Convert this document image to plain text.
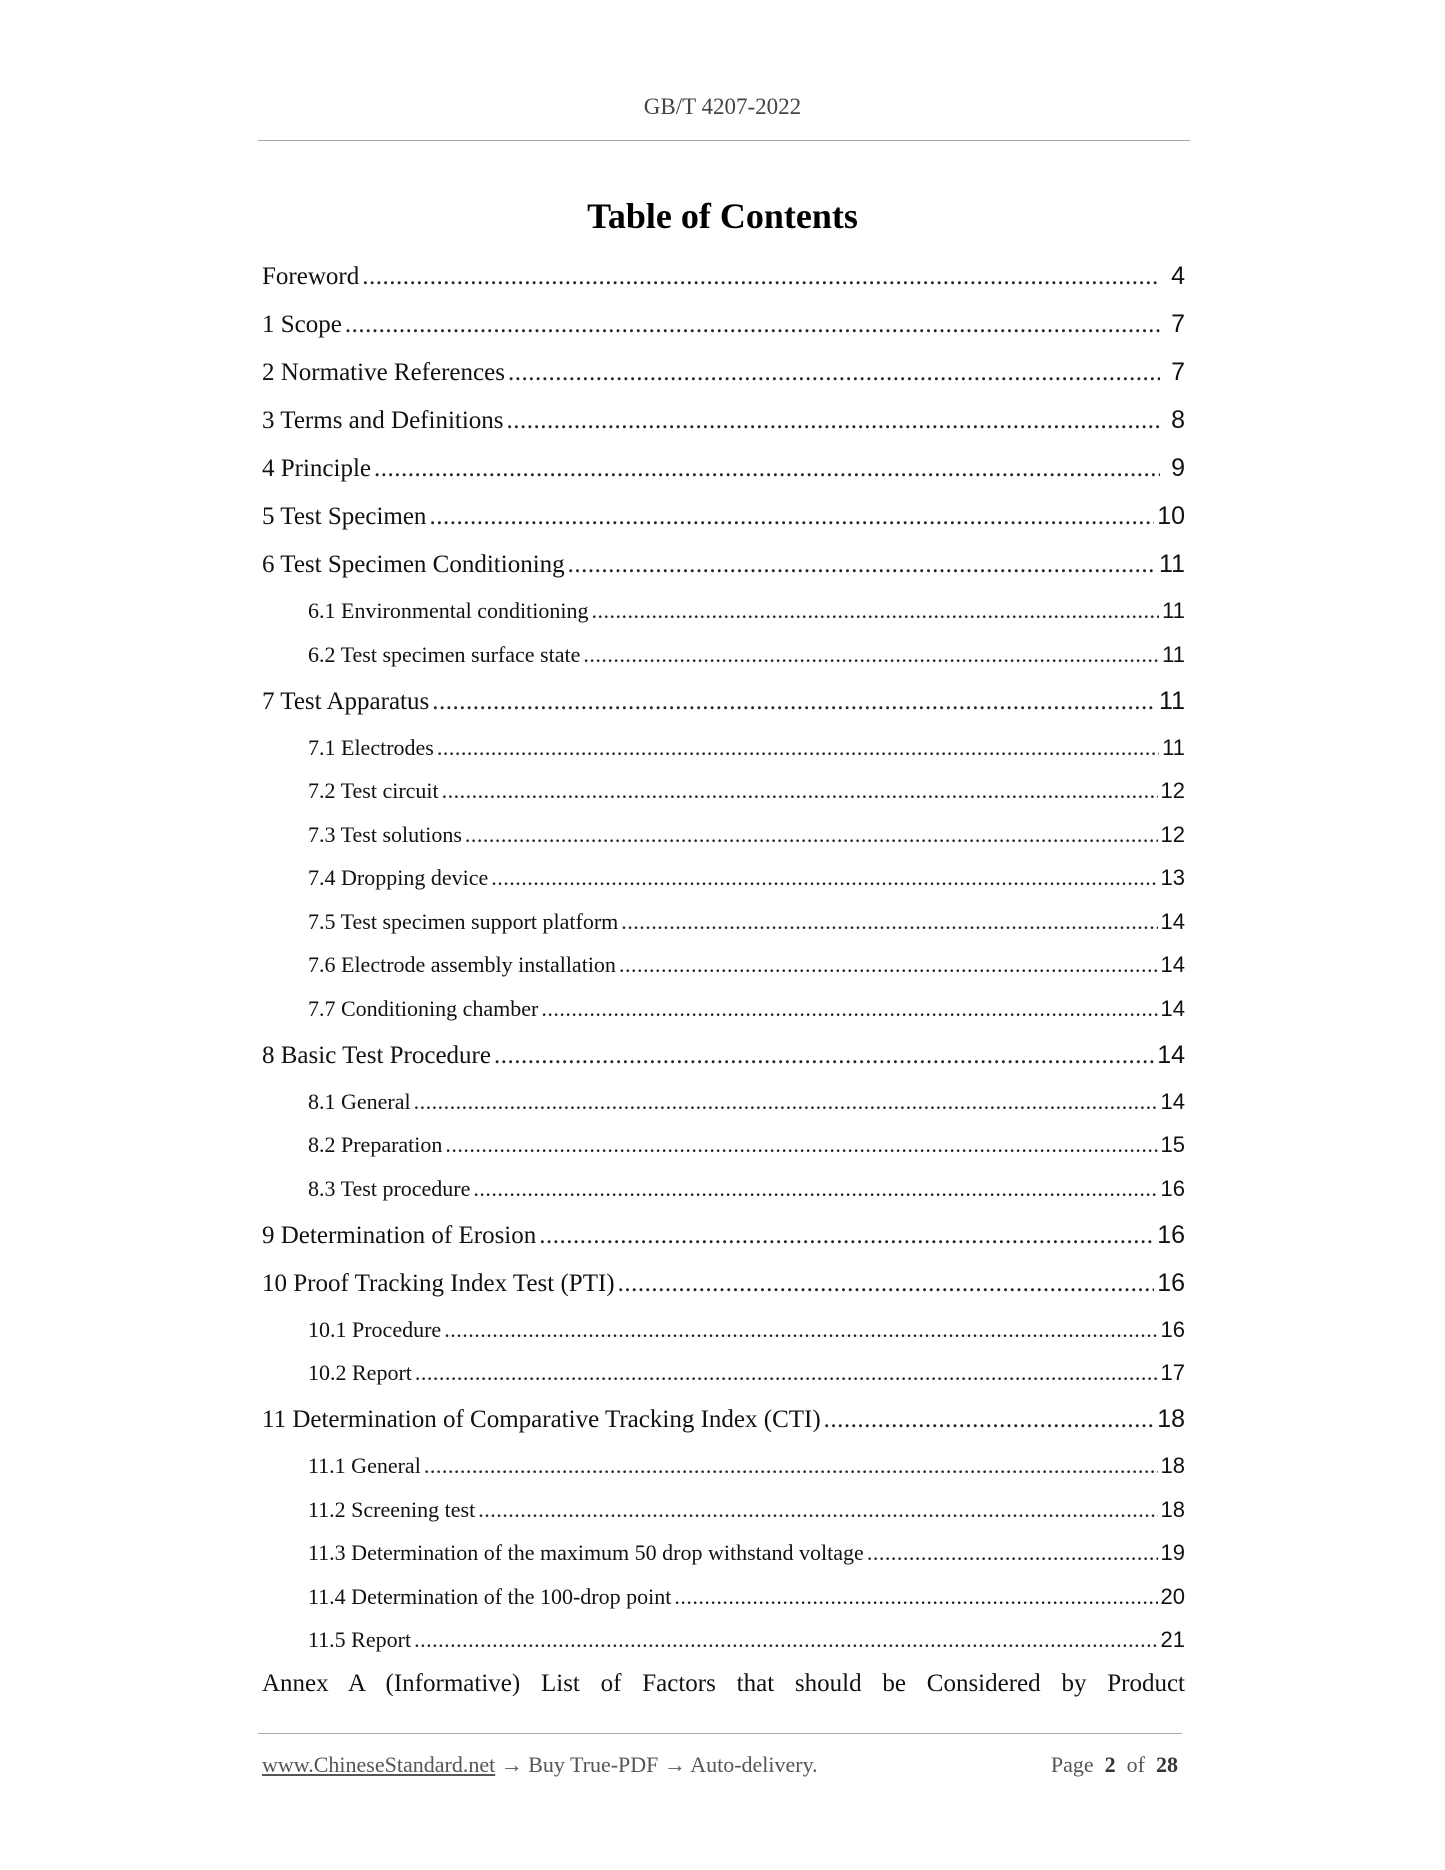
GB/T 4207-2022
Table of Contents
Foreword .....	4
1 Scope .....	7
2 Normative References .....	7
3 Terms and Definitions .....	8
4 Principle .....	9
5 Test Specimen .....	10
6 Test Specimen Conditioning .....	11
6.1 Environmental conditioning .....	11
6.2 Test specimen surface state .....	11
7 Test Apparatus .....	11
7.1 Electrodes .....	11
7.2 Test circuit .....	12
7.3 Test solutions .....	12
7.4 Dropping device .....	13
7.5 Test specimen support platform .....	14
7.6 Electrode assembly installation .....	14
7.7 Conditioning chamber .....	14
8 Basic Test Procedure .....	14
8.1 General .....	14
8.2 Preparation .....	15
8.3 Test procedure .....	16
9 Determination of Erosion .....	16
10 Proof Tracking Index Test (PTI) .....	16
10.1 Procedure .....	16
10.2 Report .....	17
11 Determination of Comparative Tracking Index (CTI) .....	18
11.1 General .....	18
11.2 Screening test .....	18
11.3 Determination of the maximum 50 drop withstand voltage .....	19
11.4 Determination of the 100-drop point .....	20
11.5 Report .....	21
Annex A (Informative) List of Factors that should be Considered by Product
www.ChineseStandard.net → Buy True-PDF → Auto-delivery.	Page 2 of 28
